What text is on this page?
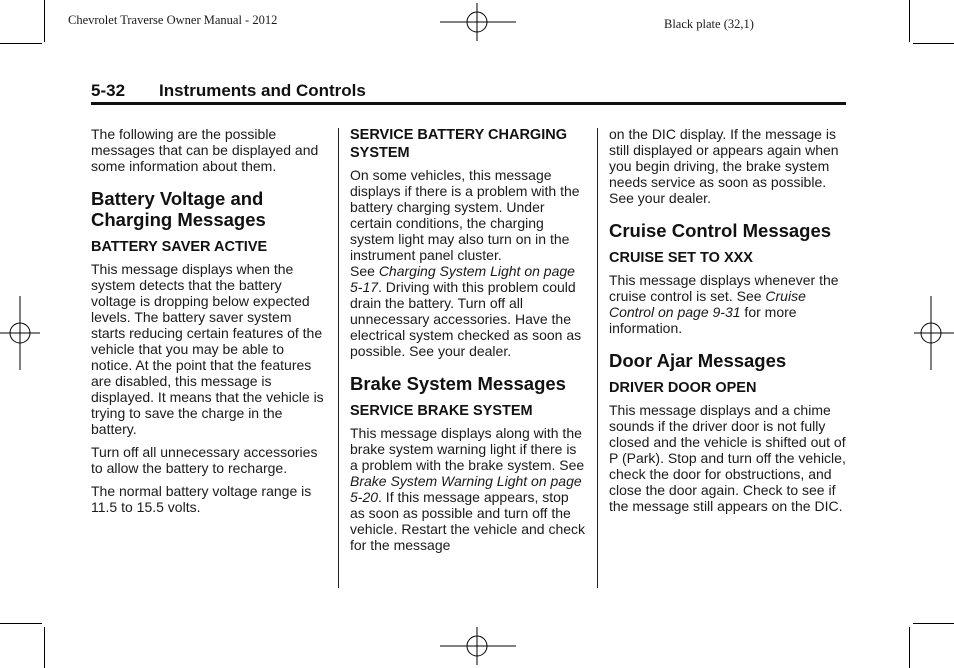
Chevrolet Traverse Owner Manual - 2012	Black plate (32,1)
5-32 Instruments and Controls

The following are the possible messages that can be displayed and some information about them.

Battery Voltage and Charging Messages
BATTERY SAVER ACTIVE

This message displays when the system detects that the battery voltage is dropping below expected levels. The battery saver system starts reducing certain features of the vehicle that you may be able to notice. At the point that the features are disabled, this message is displayed. It means that the vehicle is trying to save the charge in the battery.

Turn off all unnecessary accessories to allow the battery to recharge.

The normal battery voltage range is 11.5 to 15.5 volts.

SERVICE BATTERY CHARGING SYSTEM

On some vehicles, this message displays if there is a problem with the battery charging system. Under certain conditions, the charging system light may also turn on in the instrument panel cluster.
See Charging System Light on page 5-17. Driving with this problem could drain the battery. Turn off all unnecessary accessories. Have the electrical system checked as soon as possible. See your dealer.

Brake System Messages
SERVICE BRAKE SYSTEM

This message displays along with the brake system warning light if there is a problem with the brake system. See Brake System Warning Light on page 5-20. If this message appears, stop as soon as possible and turn off the vehicle. Restart the vehicle and check for the message

on the DIC display. If the message is still displayed or appears again when you begin driving, the brake system needs service as soon as possible. See your dealer.

Cruise Control Messages
CRUISE SET TO XXX

This message displays whenever the cruise control is set. See Cruise Control on page 9-31 for more information.

Door Ajar Messages
DRIVER DOOR OPEN

This message displays and a chime sounds if the driver door is not fully closed and the vehicle is shifted out of P (Park). Stop and turn off the vehicle, check the door for obstructions, and close the door again. Check to see if the message still appears on the DIC.
